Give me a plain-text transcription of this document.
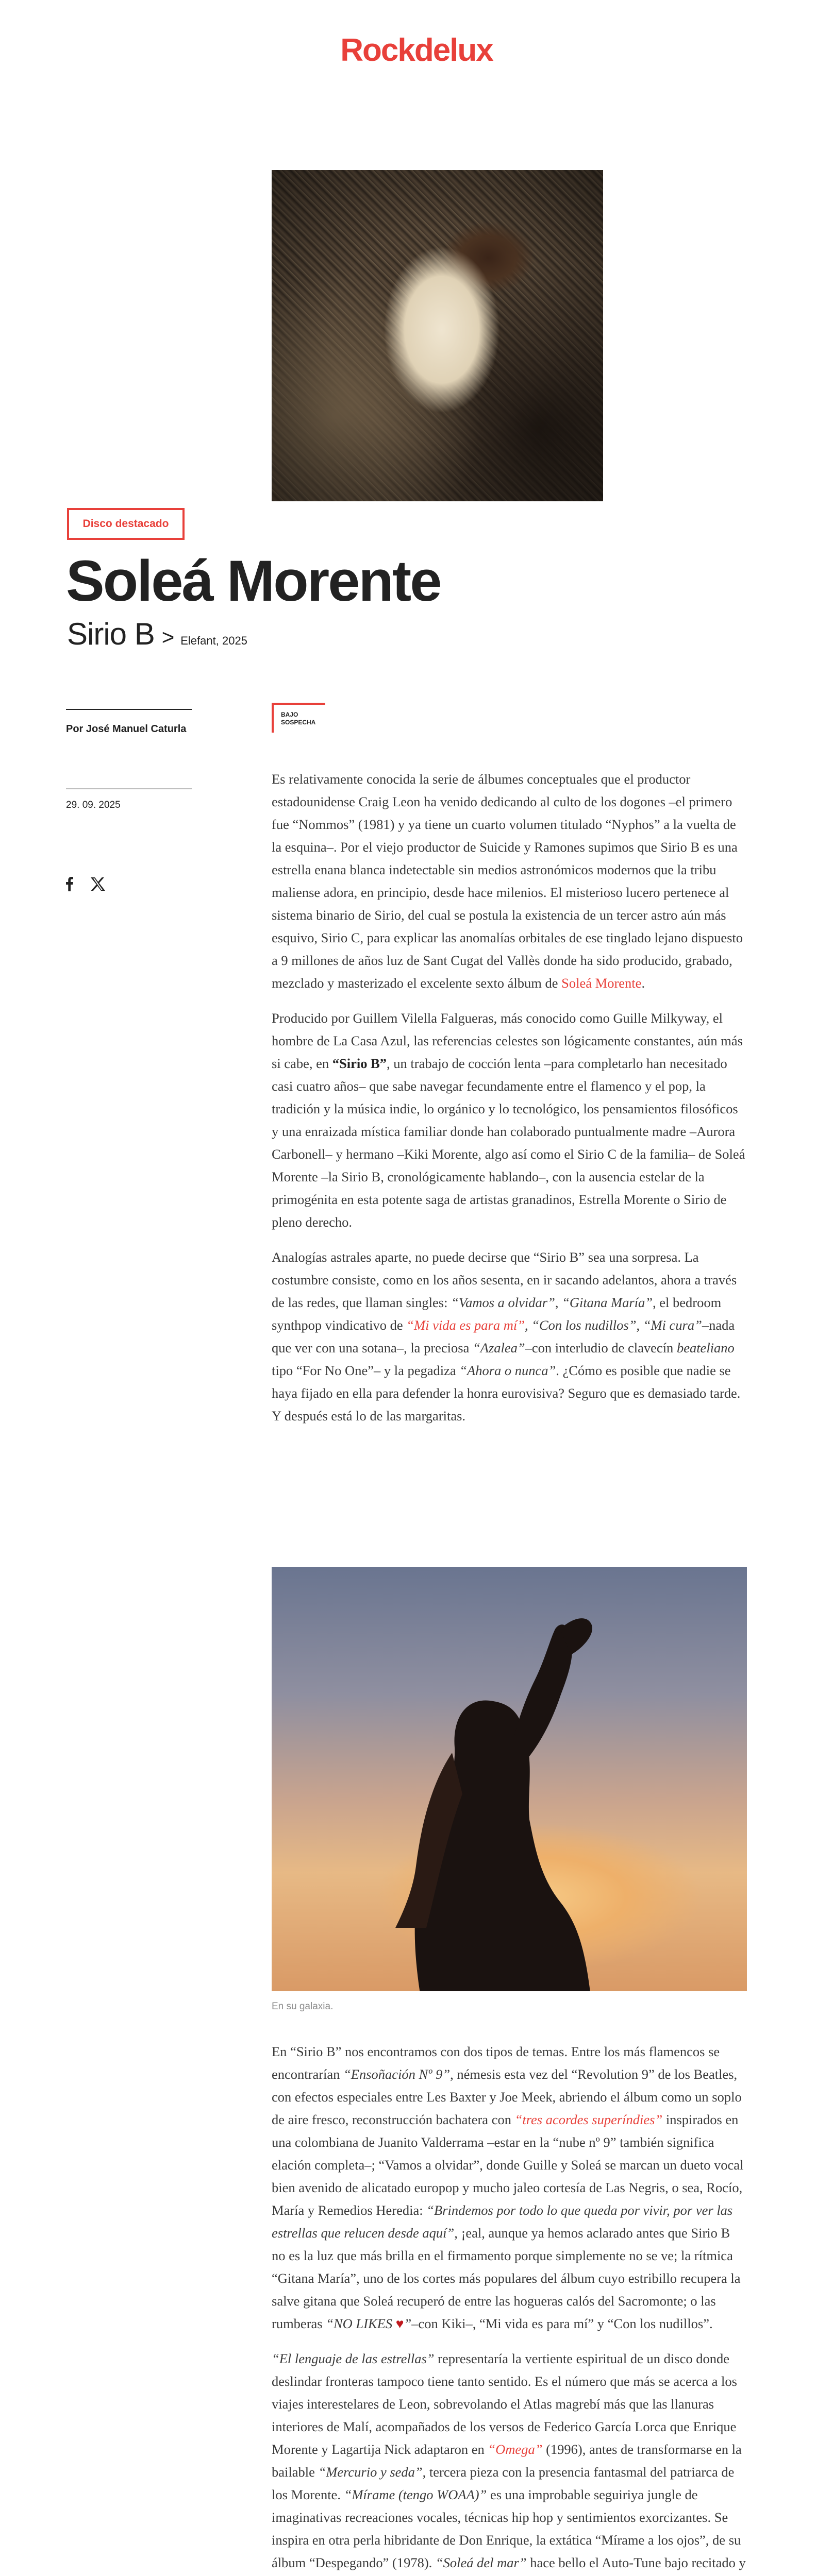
Rockdelux
Disco destacado
Soleá Morente
Sirio B > Elefant, 2025
Por José Manuel Caturla
29. 09. 2025
BAJO
SOSPECHA

Es relativamente conocida la serie de álbumes conceptuales que el productor estadounidense Craig Leon ha venido dedicando al culto de los dogones –el primero fue “Nommos” (1981) y ya tiene un cuarto volumen titulado “Nyphos” a la vuelta de la esquina–. Por el viejo productor de Suicide y Ramones supimos que Sirio B es una estrella enana blanca indetectable sin medios astronómicos modernos que la tribu maliense adora, en principio, desde hace milenios. El misterioso lucero pertenece al sistema binario de Sirio, del cual se postula la existencia de un tercer astro aún más esquivo, Sirio C, para explicar las anomalías orbitales de ese tinglado lejano dispuesto a 9 millones de años luz de Sant Cugat del Vallès donde ha sido producido, grabado, mezclado y masterizado el excelente sexto álbum de Soleá Morente.

Producido por Guillem Vilella Falgueras, más conocido como Guille Milkyway, el hombre de La Casa Azul, las referencias celestes son lógicamente constantes, aún más si cabe, en “Sirio B”, un trabajo de cocción lenta –para completarlo han necesitado casi cuatro años– que sabe navegar fecundamente entre el flamenco y el pop, la tradición y la música indie, lo orgánico y lo tecnológico, los pensamientos filosóficos y una enraizada mística familiar donde han colaborado puntualmente madre –Aurora Carbonell– y hermano –Kiki Morente, algo así como el Sirio C de la familia– de Soleá Morente –la Sirio B, cronológicamente hablando–, con la ausencia estelar de la primogénita en esta potente saga de artistas granadinos, Estrella Morente o Sirio de pleno derecho.

Analogías astrales aparte, no puede decirse que “Sirio B” sea una sorpresa. La costumbre consiste, como en los años sesenta, en ir sacando adelantos, ahora a través de las redes, que llaman singles: “Vamos a olvidar”, “Gitana María”, el bedroom synthpop vindicativo de “Mi vida es para mí”, “Con los nudillos”, “Mi cura”–nada que ver con una sotana–, la preciosa “Azalea”–con interludio de clavecín beateliano tipo “For No One”– y la pegadiza “Ahora o nunca”. ¿Cómo es posible que nadie se haya fijado en ella para defender la honra eurovisiva? Seguro que es demasiado tarde. Y después está lo de las margaritas.

En su galaxia.

En “Sirio B” nos encontramos con dos tipos de temas. Entre los más flamencos se encontrarían “Ensoñación Nº 9”, némesis esta vez del “Revolution 9” de los Beatles, con efectos especiales entre Les Baxter y Joe Meek, abriendo el álbum como un soplo de aire fresco, reconstrucción bachatera con “tres acordes superíndies” inspirados en una colombiana de Juanito Valderrama –estar en la “nube nº 9” también significa elación completa–; “Vamos a olvidar”, donde Guille y Soleá se marcan un dueto vocal bien avenido de alicatado europop y mucho jaleo cortesía de Las Negris, o sea, Rocío, María y Remedios Heredia: “Brindemos por todo lo que queda por vivir, por ver las estrellas que relucen desde aquí”, ¡eal, aunque ya hemos aclarado antes que Sirio B no es la luz que más brilla en el firmamento porque simplemente no se ve; la rítmica “Gitana María”, uno de los cortes más populares del álbum cuyo estribillo recupera la salve gitana que Soleá recuperó de entre las hogueras calós del Sacromonte; o las rumberas “NO LIKES ♥”–con Kiki–, “Mi vida es para mí” y “Con los nudillos”.

“El lenguaje de las estrellas” representaría la vertiente espiritual de un disco donde deslindar fronteras tampoco tiene tanto sentido. Es el número que más se acerca a los viajes interestelares de Leon, sobrevolando el Atlas magrebí más que las llanuras interiores de Malí, acompañados de los versos de Federico García Lorca que Enrique Morente y Lagartija Nick adaptaron en “Omega” (1996), antes de transformarse en la bailable “Mercurio y seda”, tercera pieza con la presencia fantasmal del patriarca de los Morente. “Mírame (tengo WOAA)” es una improbable seguiriya jungle de imaginativas recreaciones vocales, técnicas hip hop y sentimientos exorcizantes. Se inspira en otra perla hibridante de Don Enrique, la extática “Mírame a los ojos”, de su álbum “Despegando” (1978). “Soleá del mar” hace bello el Auto-Tune bajo recitado y
